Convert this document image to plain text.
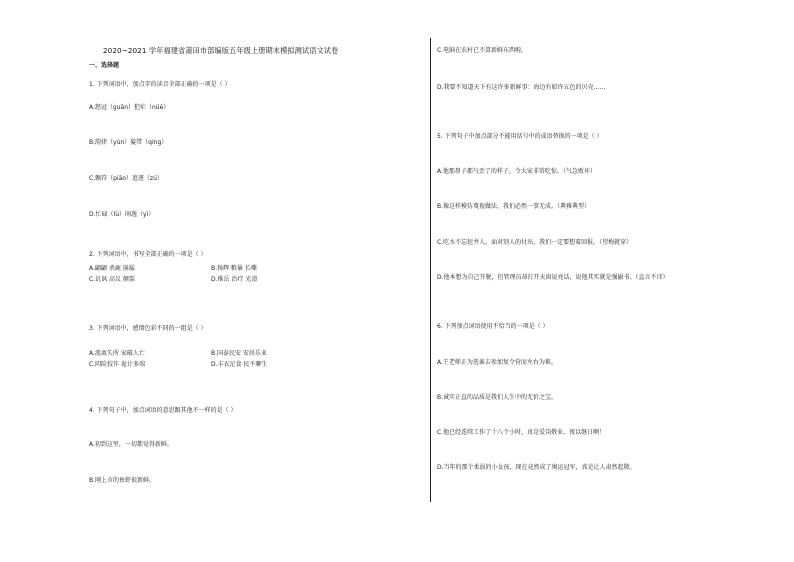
2020~2021 学年福建省莆田市部编版五年级上册期末模拟测试语文试卷
一、选择题
1. 下列词语中，加点字的读音全部正确的一项是（ ）
A.怒冠（guān）犯疟（nüè）
B.韵律（yùn）髮带（qíng）
C.飘符（piāo）追逐（zú）
D.忙碌（lù）闲逸（yì）
2. 下列词语中，书写全部正确的一项是（ ）
A.翩翩 杀鹿 崩漏	B.扬辉 粮暴 长嘶
C.讥讽 高议 颠裂	D.推岳 治疗 光滑
3. 下列词语中，感情色彩不同的一组是（ ）
A.流离失所 家破人亡	B.国泰民安 安居乐业
C.阴险狡诈 诡计多端	D.丰衣足食 民不聊生
4. 下列句子中，加点词语的意思跟其他不一样的是（ ）
A.初到这里，一切都觉得新鲜。
B.刚上市的鱼虾很新鲜。
C.电脑在农村已不算新鲜东西啦。
D.我要不知道天下有这许多新鲜事：海边有如许五色的贝壳……
5. 下列句子中加点部分不能用括号中的成语替换的一项是（ ）
A.他那鼻子都气歪了的样子，令大家非常吃惊。（气急败坏）
B.像这样模仿蔑视做法，我们必然一事无成。（典雅典型）
C.吃水不忘挖井人，面对别人的付出，我们一定要想着回报。（望梅就穿）
D.他本想为自己开脱，但管理员却打开天窗说亮话，说他其实就是强偷书。（直言不讳）
6. 下列加点词语使用不恰当的一项是（ ）
A.王老师正为选谁去参加复令营而左右为难。
B.诚实正直的品质是我们人生中的无价之宝。
C.他已经连续工作了十八个小时，真是爱岗敬业、夜以继日啊！
D.当年的那个柔弱的小女孩，现在竟然成了奥运冠军，真是让人肃然起敬。
